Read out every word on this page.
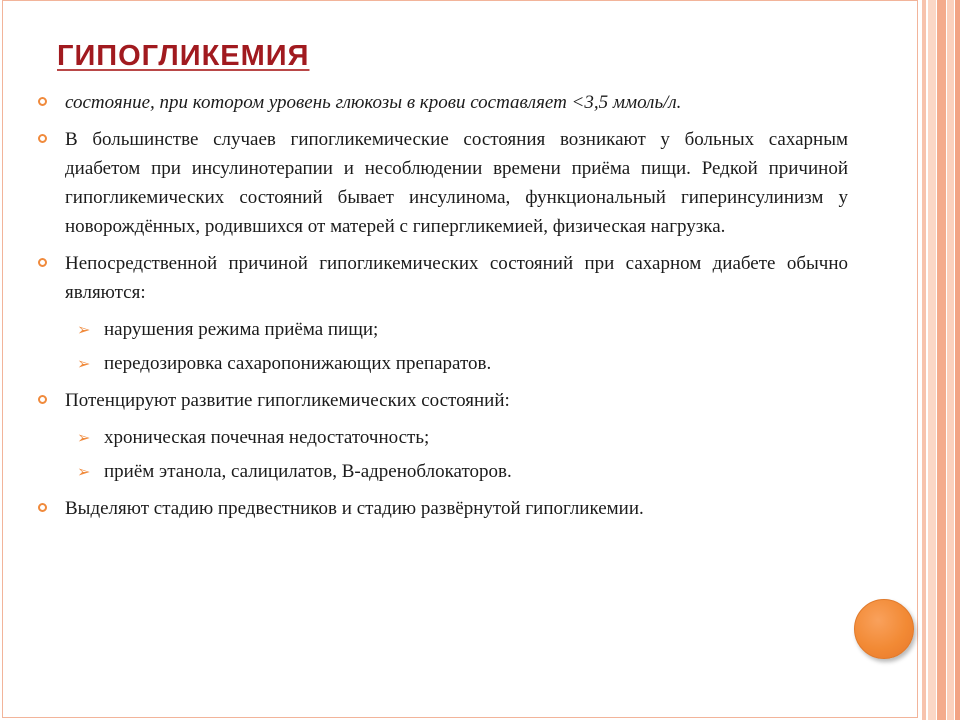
ГИПОГЛИКЕМИЯ
состояние, при котором уровень глюкозы в крови составляет <3,5 ммоль/л.
В большинстве случаев гипогликемические состояния возникают у больных сахарным диабетом при инсулинотерапии и несоблюдении времени приёма пищи. Редкой причиной гипогликемических состояний бывает инсулинома, функциональный гиперинсулинизм у новорождённых, родившихся от матерей с гипергликемией, физическая нагрузка.
Непосредственной причиной гипогликемических состояний при сахарном диабете обычно являются:
➢ нарушения режима приёма пищи;
➢ передозировка сахаропонижающих препаратов.
Потенцируют развитие гипогликемических состояний:
➢ хроническая почечная недостаточность;
➢ приём этанола, салицилатов, B-адреноблокаторов.
Выделяют стадию предвестников и стадию развёрнутой гипогликемии.
